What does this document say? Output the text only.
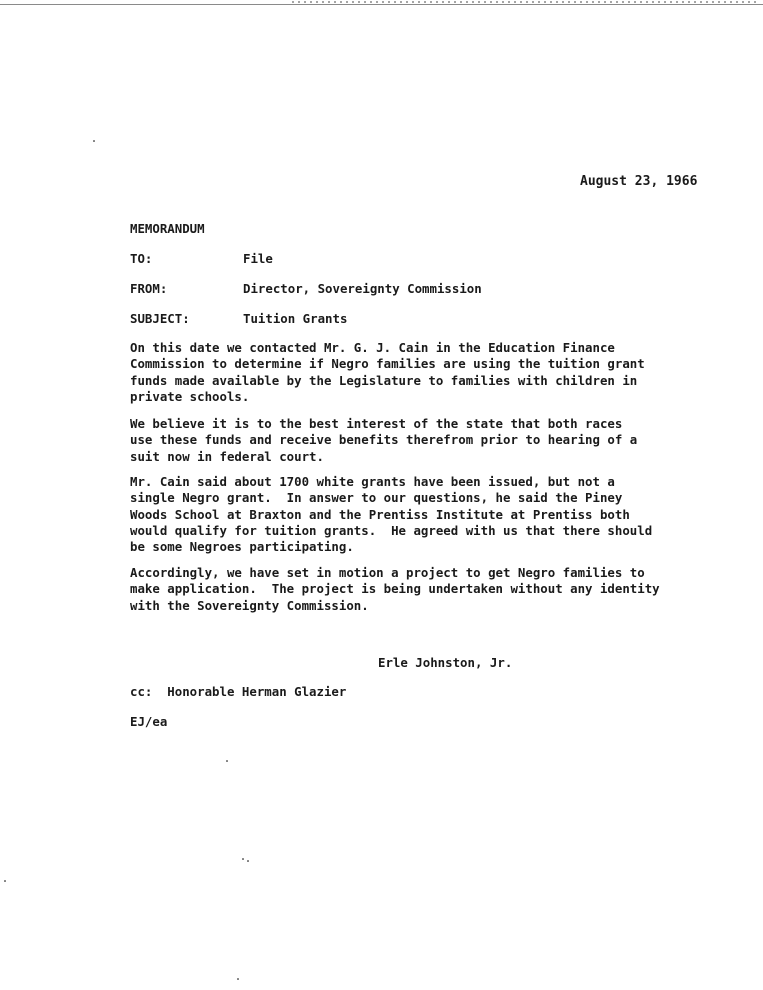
August 23, 1966
MEMORANDUM
TO:	File
FROM:	Director, Sovereignty Commission
SUBJECT:	Tuition Grants
On this date we contacted Mr. G. J. Cain in the Education Finance
Commission to determine if Negro families are using the tuition grant
funds made available by the Legislature to families with children in
private schools.
We believe it is to the best interest of the state that both races
use these funds and receive benefits therefrom prior to hearing of a
suit now in federal court.
Mr. Cain said about 1700 white grants have been issued, but not a
single Negro grant.  In answer to our questions, he said the Piney
Woods School at Braxton and the Prentiss Institute at Prentiss both
would qualify for tuition grants.  He agreed with us that there should
be some Negroes participating.
Accordingly, we have set in motion a project to get Negro families to
make application.  The project is being undertaken without any identity
with the Sovereignty Commission.
Erle Johnston, Jr.
cc:  Honorable Herman Glazier
EJ/ea
